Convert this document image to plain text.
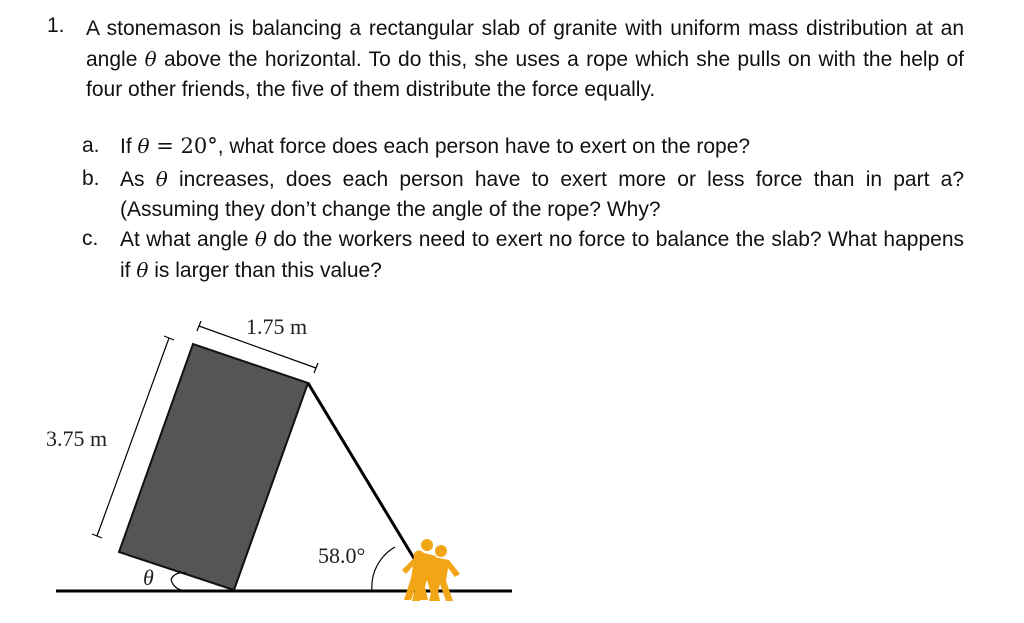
1. A stonemason is balancing a rectangular slab of granite with uniform mass distribution at an angle θ above the horizontal. To do this, she uses a rope which she pulls on with the help of four other friends, the five of them distribute the force equally.
a. If θ = 20°, what force does each person have to exert on the rope?
b. As θ increases, does each person have to exert more or less force than in part a? (Assuming they don’t change the angle of the rope? Why?
c. At what angle θ do the workers need to exert no force to balance the slab? What happens if θ is larger than this value?
1.75 m
3.75 m
θ
58.0°
